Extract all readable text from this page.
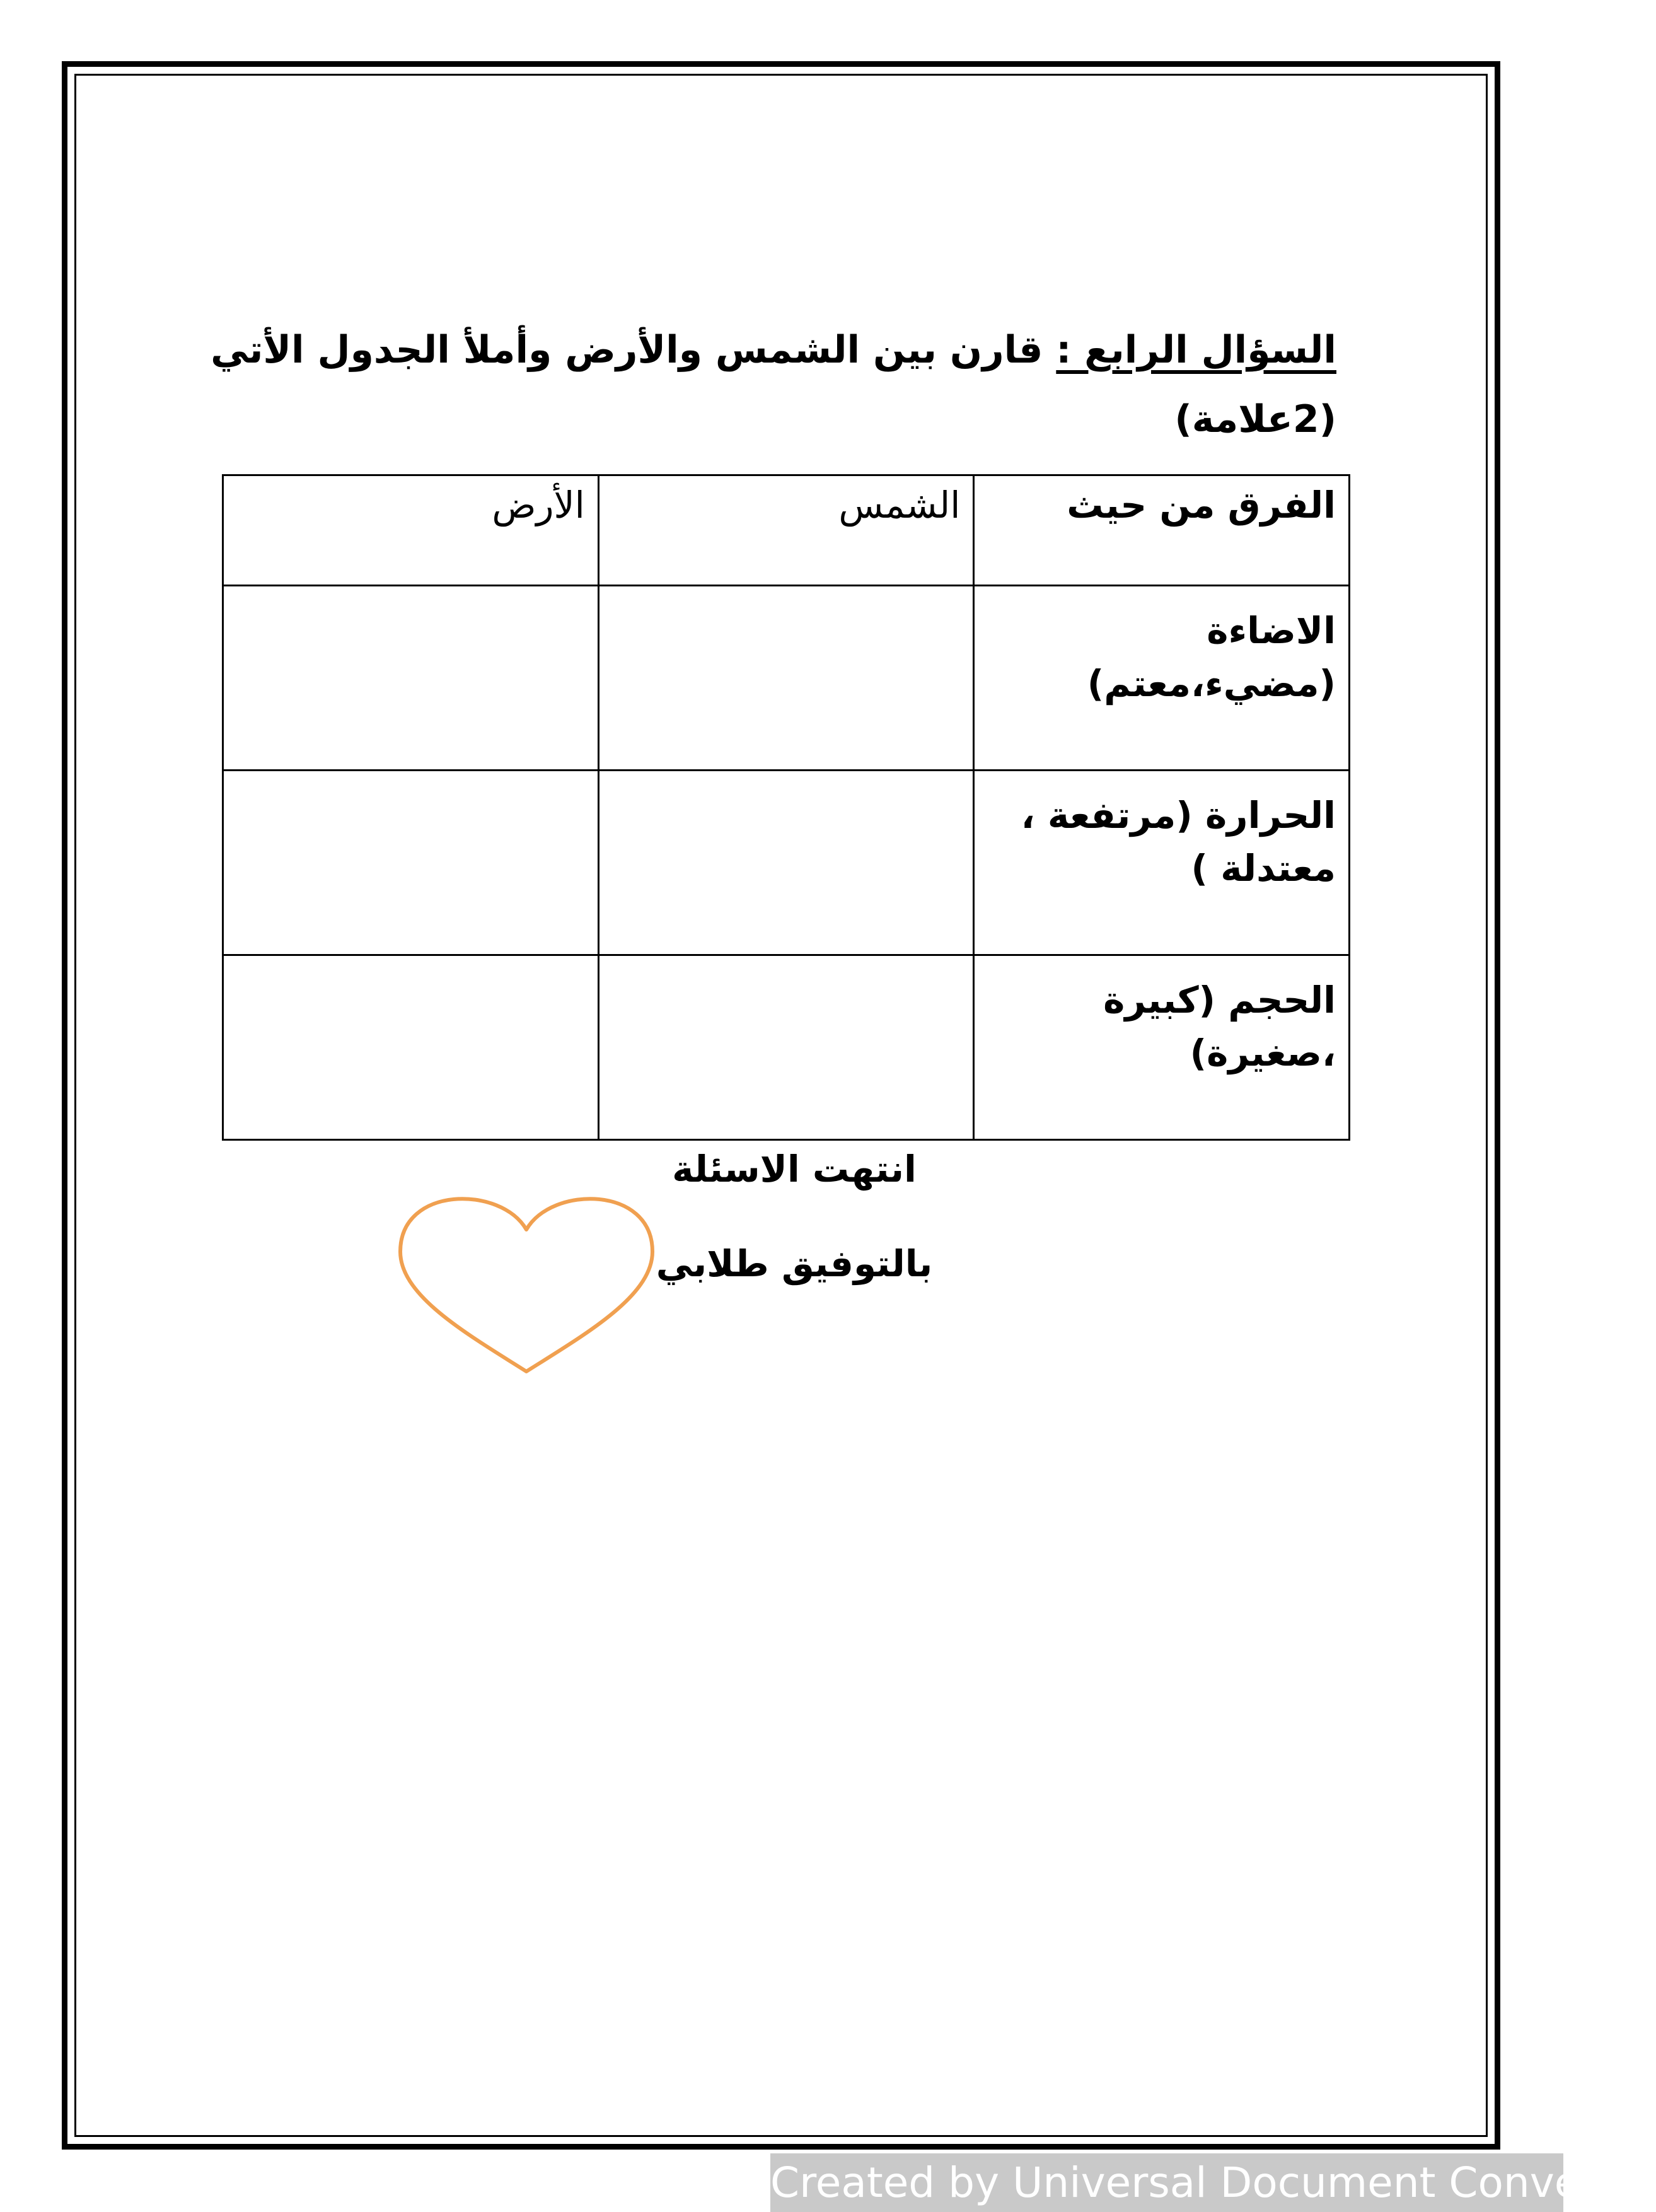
السؤال الرابع : قارن بين الشمس والأرض وأملأ الجدول الأتي
(2علامة)
الفرق من حيث	الشمس	الأرض

الاضاءة
(مضيء،معتم)		

الحرارة (مرتفعة ،
معتدلة )		

الحجم (كبيرة ،صغيرة)		

انتهت الاسئلة
بالتوفيق طلابي
Created by Universal Document Converter
